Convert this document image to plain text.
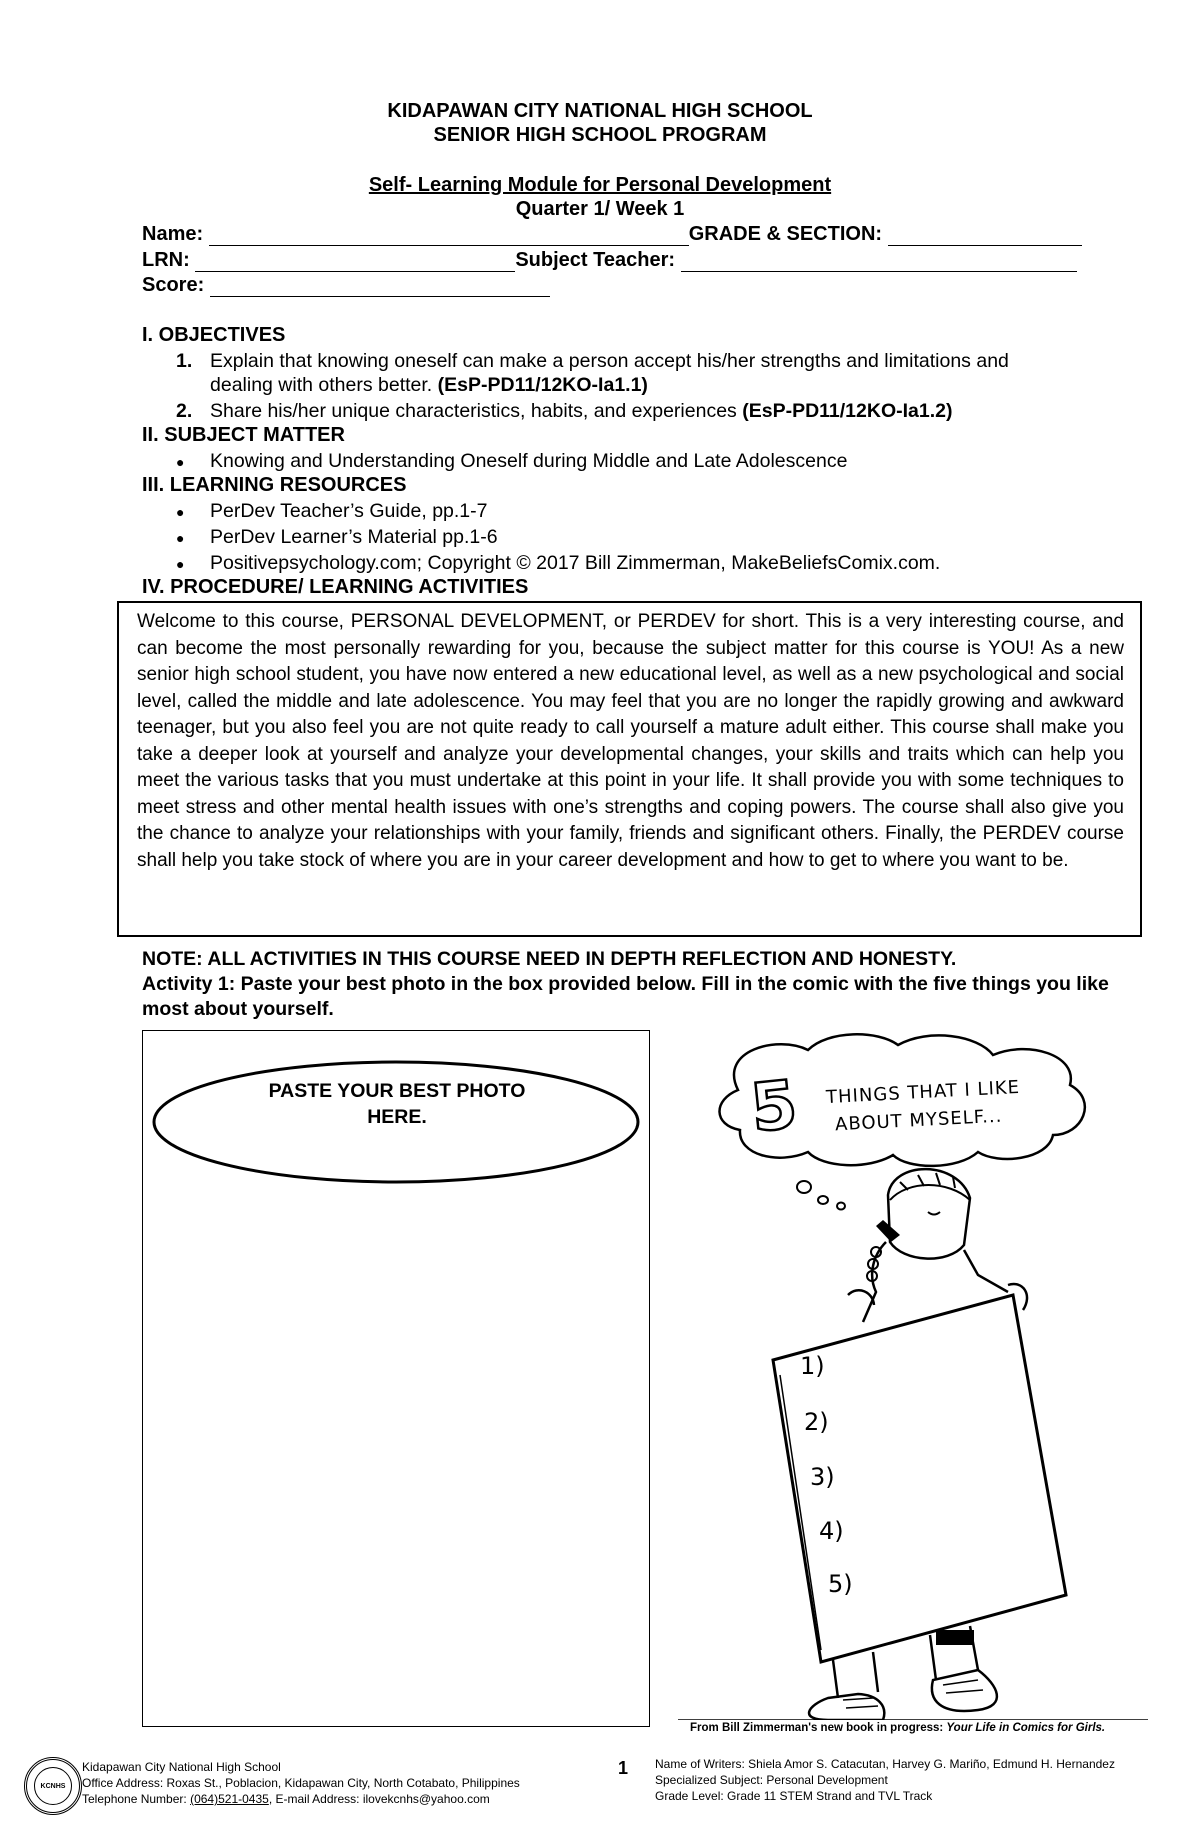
KIDAPAWAN CITY NATIONAL HIGH SCHOOL
SENIOR HIGH SCHOOL PROGRAM
Self- Learning Module for Personal Development
Quarter 1/ Week 1
Name:	GRADE & SECTION:
LRN:	Subject Teacher:
Score:
I. OBJECTIVES
1. Explain that knowing oneself can make a person accept his/her strengths and limitations and
dealing with others better. (EsP-PD11/12KO-Ia1.1)
2. Share his/her unique characteristics, habits, and experiences (EsP-PD11/12KO-Ia1.2)
II. SUBJECT MATTER
● Knowing and Understanding Oneself during Middle and Late Adolescence
III. LEARNING RESOURCES
● PerDev Teacher’s Guide, pp.1-7
● PerDev Learner’s Material pp.1-6
● Positivepsychology.com; Copyright © 2017 Bill Zimmerman, MakeBeliefsComix.com.
IV. PROCEDURE/ LEARNING ACTIVITIES
Welcome to this course, PERSONAL DEVELOPMENT, or PERDEV for short. This is a very interesting course, and can become the most personally rewarding for you, because the subject matter for this course is YOU! As a new senior high school student, you have now entered a new educational level, as well as a new psychological and social level, called the middle and late adolescence. You may feel that you are no longer the rapidly growing and awkward teenager, but you also feel you are not quite ready to call yourself a mature adult either. This course shall make you take a deeper look at yourself and analyze your developmental changes, your skills and traits which can help you meet the various tasks that you must undertake at this point in your life. It shall provide you with some techniques to meet stress and other mental health issues with one’s strengths and coping powers. The course shall also give you the chance to analyze your relationships with your family, friends and significant others. Finally, the PERDEV course shall help you take stock of where you are in your career development and how to get to where you want to be.
NOTE: ALL ACTIVITIES IN THIS COURSE NEED IN DEPTH REFLECTION AND HONESTY.
Activity 1: Paste your best photo in the box provided below. Fill in the comic with the five things you like most about yourself.
PASTE YOUR BEST PHOTO
HERE.	5 THINGS THAT I LIKE
ABOUT MYSELF...
1)
2)
3)
4)
5)
From Bill Zimmerman's new book in progress: Your Life in Comics for Girls.
KCNHS
Kidapawan City National High School
Office Address: Roxas St., Poblacion, Kidapawan City, North Cotabato, Philippines
Telephone Number: (064)521-0435, E-mail Address: ilovekcnhs@yahoo.com
1 Name of Writers: Shiela Amor S. Catacutan, Harvey G. Mariño, Edmund H. Hernandez
Specialized Subject: Personal Development
Grade Level: Grade 11 STEM Strand and TVL Track
